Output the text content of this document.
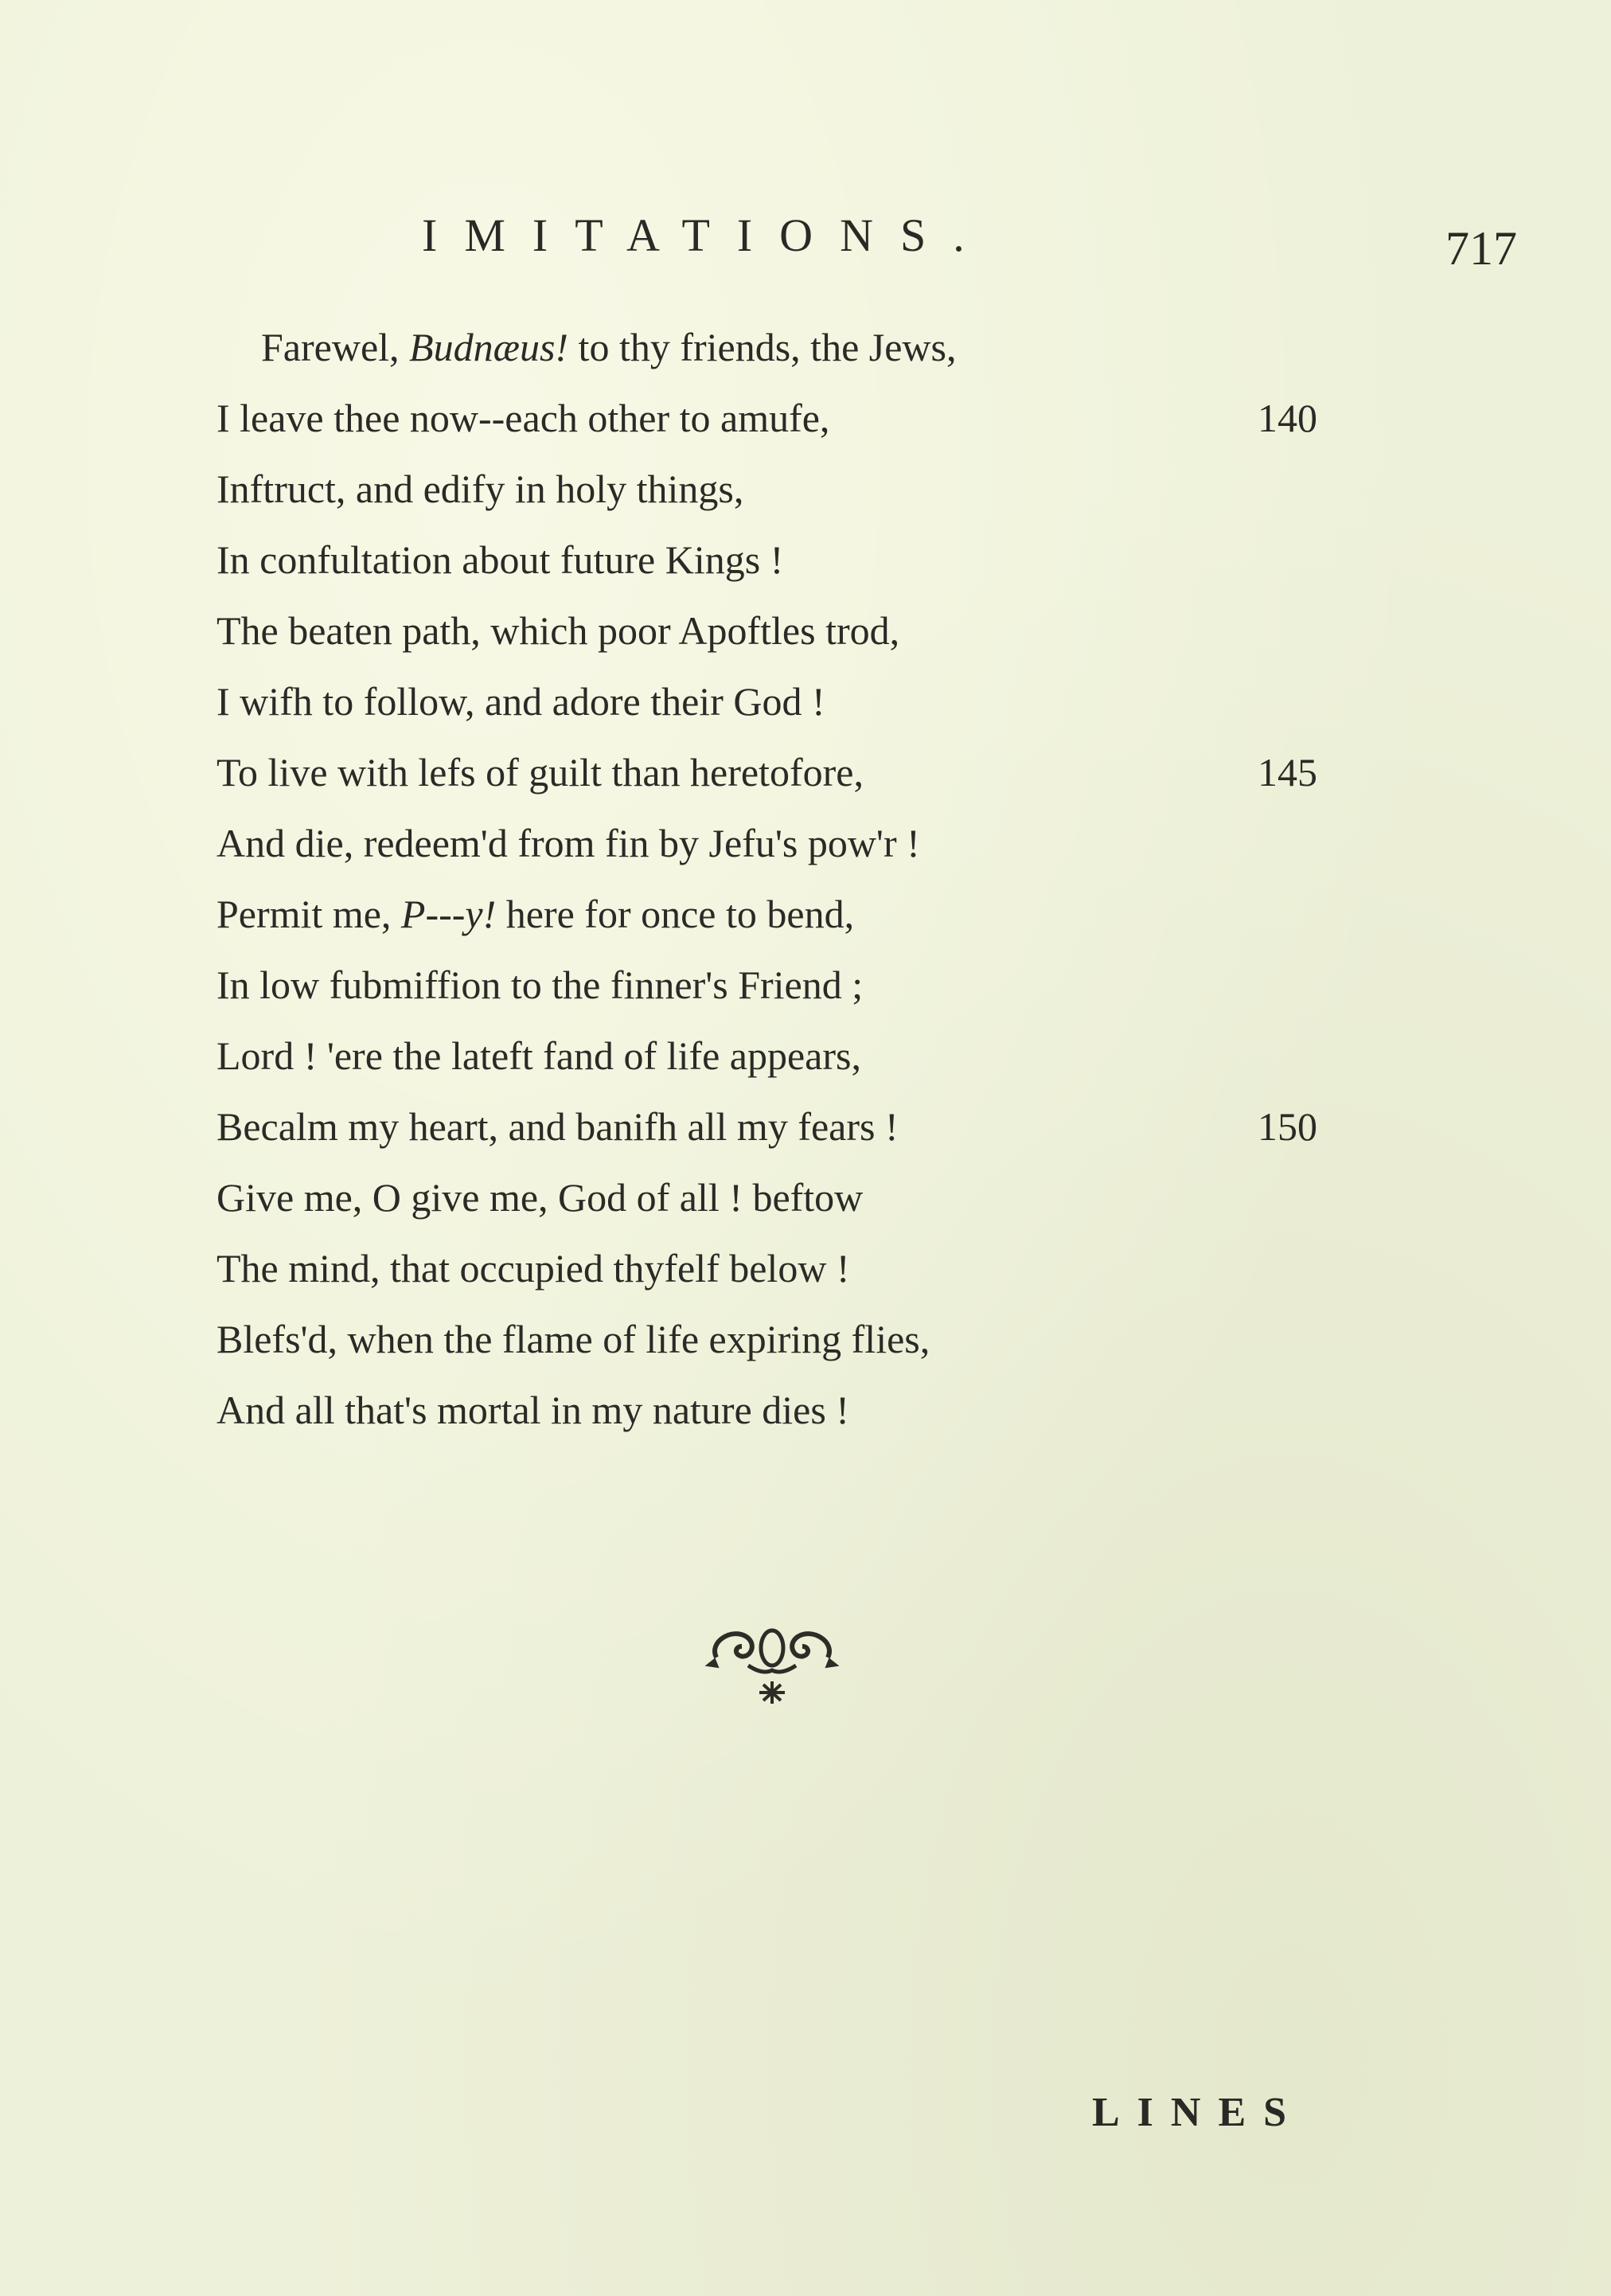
IMITATIONS.	717
Farewel, Budnæus! to thy friends, the Jews,
I leave thee now--each other to amufe,	140
Inftruct, and edify in holy things,
In confultation about future Kings !
The beaten path, which poor Apoftles trod,
I wifh to follow, and adore their God !
To live with lefs of guilt than heretofore,	145
And die, redeem'd from fin by Jefu's pow'r !
Permit me, P---y! here for once to bend,
In low fubmiffion to the finner's Friend ;
Lord ! 'ere the lateft fand of life appears,
Becalm my heart, and banifh all my fears !	150
Give me, O give me, God of all ! beftow
The mind, that occupied thyfelf below !
Blefs'd, when the flame of life expiring flies,
And all that's mortal in my nature dies !
LINES
